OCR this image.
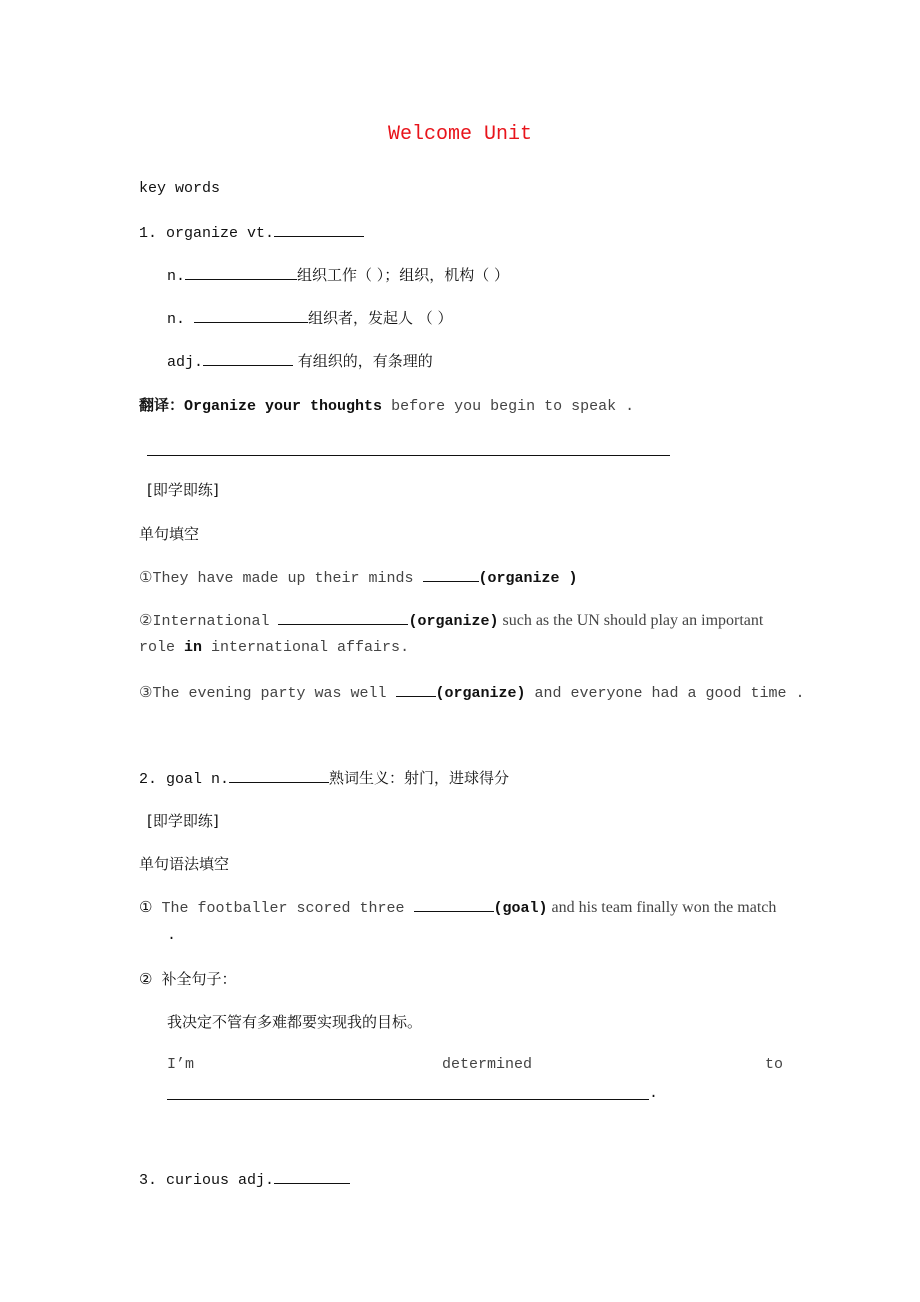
Welcome Unit
key words
1. organize vt.
n.	组织工作（ ）；组织，机构（ ）
n.	组织者，发起人 （ ）
adj.	有组织的，有条理的
翻译：Organize your thoughts before you begin to speak .
[即学即练]
单句填空
①They have made up their minds	(organize )
②International	(organize) such as the UN should play an important
role in international affairs.
③The evening party was well	(organize) and everyone had a good time .
2. goal n.	熟词生义：射门，进球得分
[即学即练]
单句语法填空
① The footballer scored three	(goal) and his team finally won the match
.
② 补全句子：
我决定不管有多难都要实现我的目标。
I’m	determined	to
.
3. curious adj.
